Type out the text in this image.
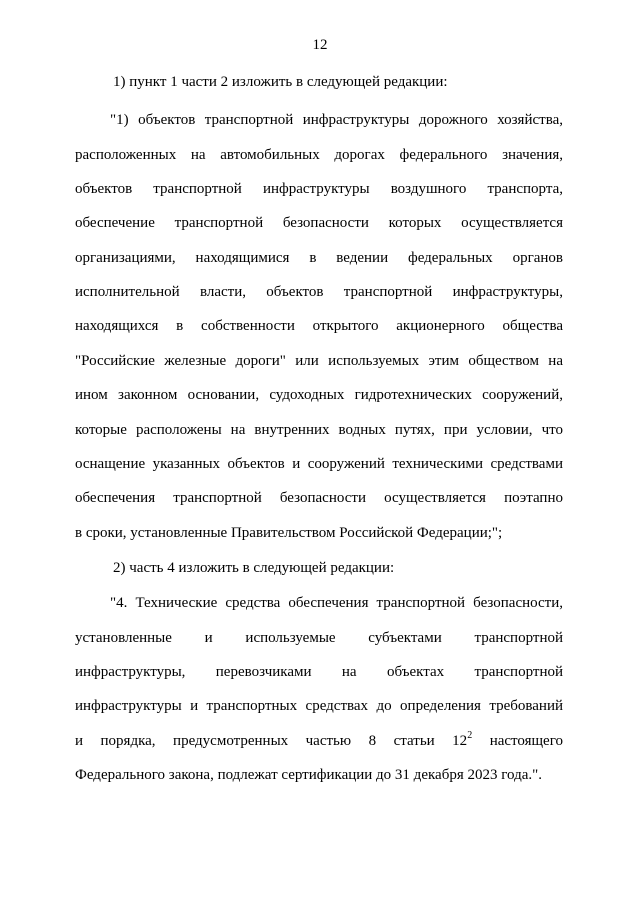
12
1) пункт 1 части 2 изложить в следующей редакции:
"1) объектов транспортной инфраструктуры дорожного хозяйства,
расположенных на автомобильных дорогах федерального значения,
объектов транспортной инфраструктуры воздушного транспорта,
обеспечение транспортной безопасности которых осуществляется
организациями, находящимися в ведении федеральных органов
исполнительной власти, объектов транспортной инфраструктуры,
находящихся в собственности открытого акционерного общества
"Российские железные дороги" или используемых этим обществом на
ином законном основании, судоходных гидротехнических сооружений,
которые расположены на внутренних водных путях, при условии, что
оснащение указанных объектов и сооружений техническими средствами
обеспечения транспортной безопасности осуществляется поэтапно
в сроки, установленные Правительством Российской Федерации;";
2) часть 4 изложить в следующей редакции:
"4. Технические средства обеспечения транспортной безопасности,
установленные и используемые субъектами транспортной
инфраструктуры, перевозчиками на объектах транспортной
инфраструктуры и транспортных средствах до определения требований
и порядка, предусмотренных частью 8 статьи $12^2$ настоящего
Федерального закона, подлежат сертификации до 31 декабря 2023 года.".
